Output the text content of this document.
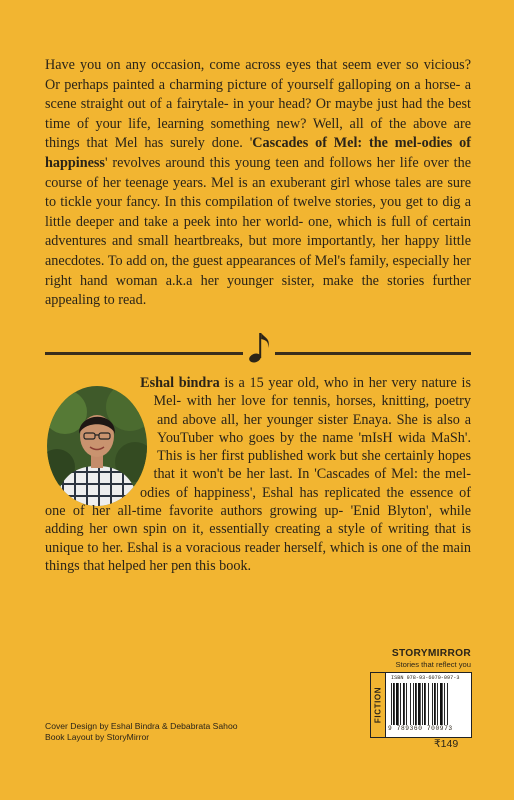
Have you on any occasion, come across eyes that seem ever so vicious? Or perhaps painted a charming picture of yourself galloping on a horse- a scene straight out of a fairytale- in your head? Or maybe just had the best time of your life, learning something new? Well, all of the above are things that Mel has surely done. 'Cascades of Mel: the mel-odies of happiness' revolves around this young teen and follows her life over the course of her teenage years. Mel is an exuberant girl whose tales are sure to tickle your fancy. In this compilation of twelve stories, you get to dig a little deeper and take a peek into her world- one, which is full of certain adventures and small heartbreaks, but more importantly, her happy little anecdotes. To add on, the guest appearances of Mel's family, especially her right hand woman a.k.a her younger sister, make the stories further appealing to read.

Eshal bindra is a 15 year old, who in her very nature is Mel- with her love for tennis, horses, knitting, poetry and above all, her younger sister Enaya. She is also a YouTuber who goes by the name 'mIsH wida MaSh'. This is her first published work but she certainly hopes that it won't be her last. In 'Cascades of Mel: the mel-odies of happiness', Eshal has replicated the essence of one of her all-time favorite authors growing up- 'Enid Blyton', while adding her own spin on it, essentially creating a style of writing that is unique to her. Eshal is a voracious reader herself, which is one of the main things that helped her pen this book.

Cover Design by Eshal Bindra & Debabrata Sahoo
Book Layout by StoryMirror
STORYMIRROR
Stories that reflect you
FICTION
ISBN 978-93-6070-097-3
9 789360 700973
₹149
